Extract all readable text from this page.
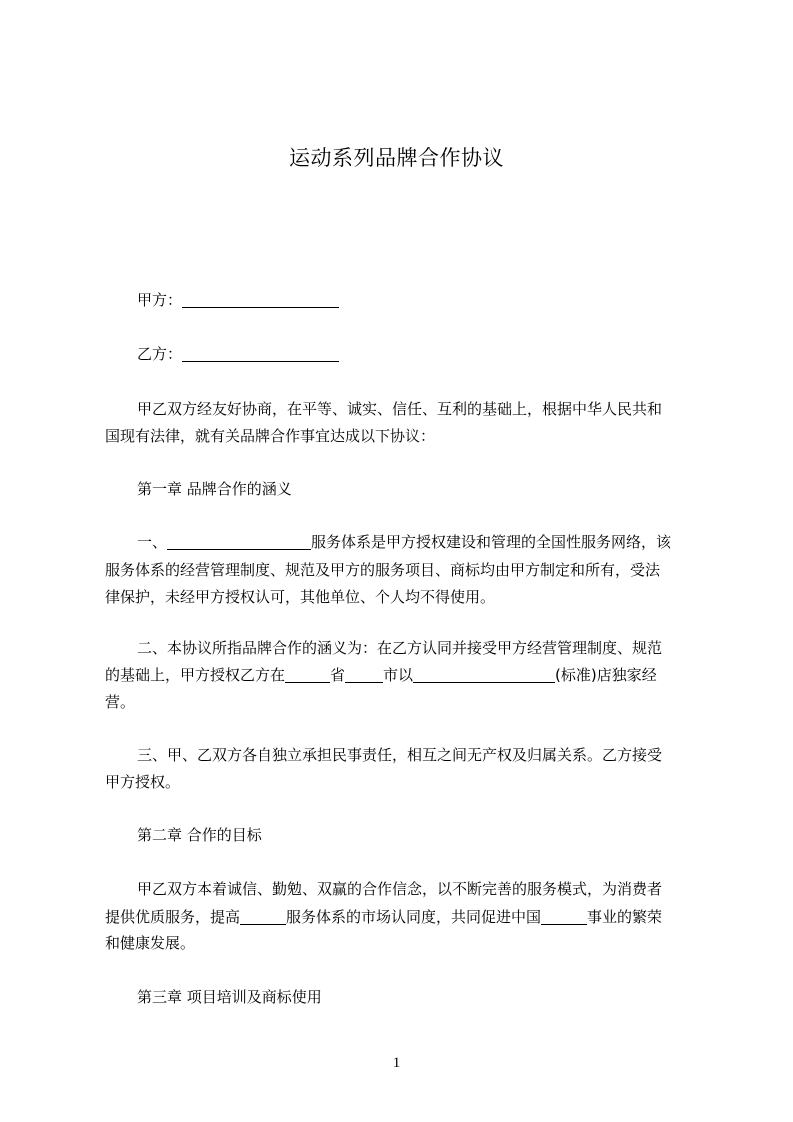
运动系列品牌合作协议
甲方：
乙方：
甲乙双方经友好协商，在平等、诚实、信任、互利的基础上，根据中华人民共和
国现有法律，就有关品牌合作事宜达成以下协议：
第一章 品牌合作的涵义
一、	服务体系是甲方授权建设和管理的全国性服务网络，该
服务体系的经营管理制度、规范及甲方的服务项目、商标均由甲方制定和所有，受法
律保护，未经甲方授权认可，其他单位、个人均不得使用。
二、本协议所指品牌合作的涵义为：在乙方认同并接受甲方经营管理制度、规范
的基础上，甲方授权乙方在	省	市以	(标准)店独家经
营。
三、甲、乙双方各自独立承担民事责任，相互之间无产权及归属关系。乙方接受
甲方授权。
第二章 合作的目标
甲乙双方本着诚信、勤勉、双赢的合作信念，以不断完善的服务模式，为消费者
提供优质服务，提高	服务体系的市场认同度，共同促进中国	事业的繁荣
和健康发展。
第三章 项目培训及商标使用
1
